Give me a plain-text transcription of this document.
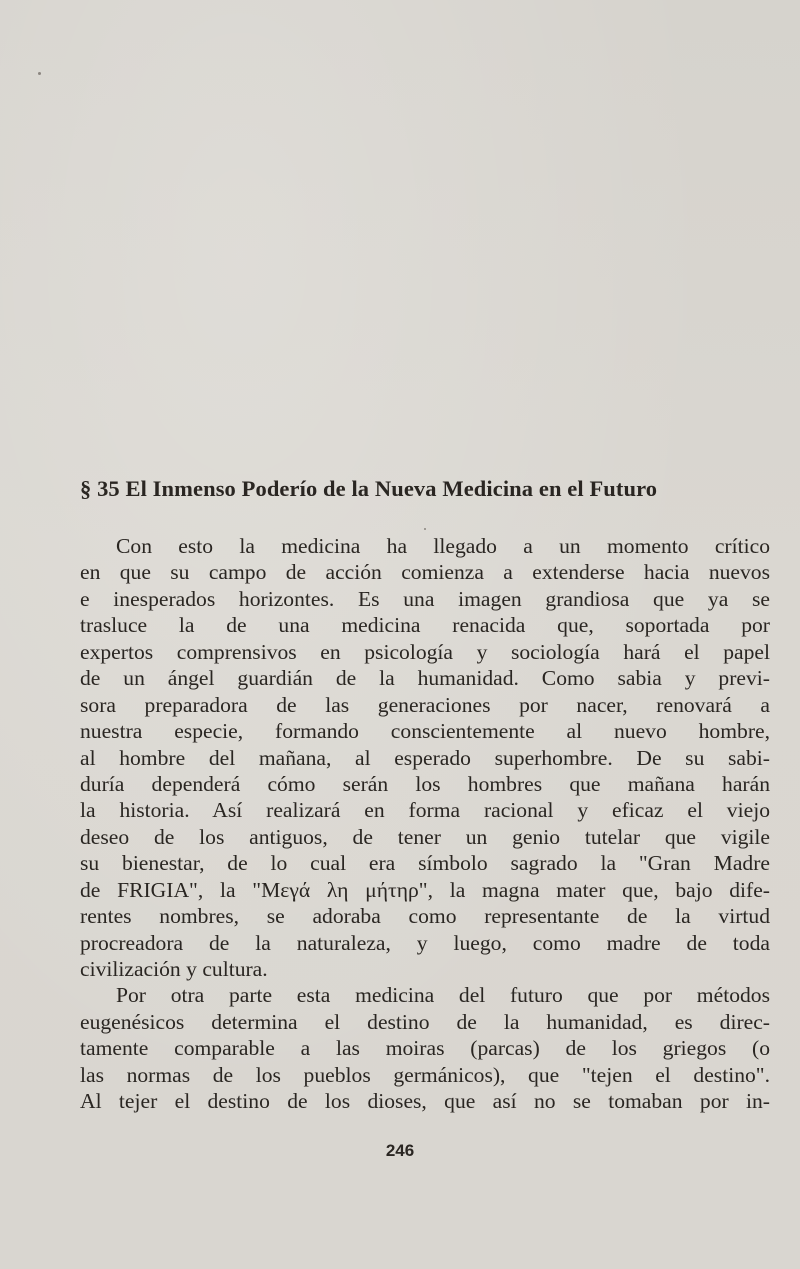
§ 35 El Inmenso Poderío de la Nueva Medicina en el Futuro
Con esto la medicina ha llegado a un momento crítico
en que su campo de acción comienza a extenderse hacia nuevos
e inesperados horizontes. Es una imagen grandiosa que ya se
trasluce la de una medicina renacida que, soportada por
expertos comprensivos en psicología y sociología hará el papel
de un ángel guardián de la humanidad. Como sabia y previ-
sora preparadora de las generaciones por nacer, renovará a
nuestra especie, formando conscientemente al nuevo hombre,
al hombre del mañana, al esperado superhombre. De su sabi-
duría dependerá cómo serán los hombres que mañana harán
la historia. Así realizará en forma racional y eficaz el viejo
deseo de los antiguos, de tener un genio tutelar que vigile
su bienestar, de lo cual era símbolo sagrado la "Gran Madre
de FRIGIA", la "Μεγά λη μήτηρ", la magna mater que, bajo dife-
rentes nombres, se adoraba como representante de la virtud
procreadora de la naturaleza, y luego, como madre de toda
civilización y cultura.
Por otra parte esta medicina del futuro que por métodos
eugenésicos determina el destino de la humanidad, es direc-
tamente comparable a las moiras (parcas) de los griegos (o
las normas de los pueblos germánicos), que "tejen el destino".
Al tejer el destino de los dioses, que así no se tomaban por in-
246
